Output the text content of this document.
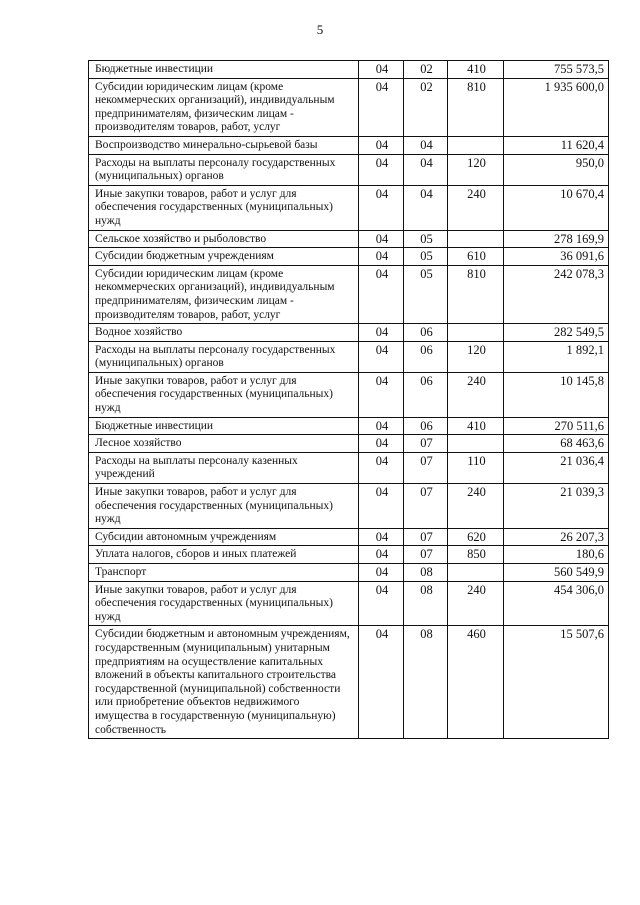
5
Бюджетные инвестиции	04	02	410	755 573,5
Субсидии юридическим лицам (кроме некоммерческих организаций), индивидуальным предпринимателям, физическим лицам - производителям товаров, работ, услуг	04	02	810	1 935 600,0
Воспроизводство минерально-сырьевой базы	04	04		11 620,4
Расходы на выплаты персоналу государственных (муниципальных) органов	04	04	120	950,0
Иные закупки товаров, работ и услуг для обеспечения государственных (муниципальных) нужд	04	04	240	10 670,4
Сельское хозяйство и рыболовство	04	05		278 169,9
Субсидии бюджетным учреждениям	04	05	610	36 091,6
Субсидии юридическим лицам (кроме некоммерческих организаций), индивидуальным предпринимателям, физическим лицам - производителям товаров, работ, услуг	04	05	810	242 078,3
Водное хозяйство	04	06		282 549,5
Расходы на выплаты персоналу государственных (муниципальных) органов	04	06	120	1 892,1
Иные закупки товаров, работ и услуг для обеспечения государственных (муниципальных) нужд	04	06	240	10 145,8
Бюджетные инвестиции	04	06	410	270 511,6
Лесное хозяйство	04	07		68 463,6
Расходы на выплаты персоналу казенных учреждений	04	07	110	21 036,4
Иные закупки товаров, работ и услуг для обеспечения государственных (муниципальных) нужд	04	07	240	21 039,3
Субсидии автономным учреждениям	04	07	620	26 207,3
Уплата налогов, сборов и иных платежей	04	07	850	180,6
Транспорт	04	08		560 549,9
Иные закупки товаров, работ и услуг для обеспечения государственных (муниципальных) нужд	04	08	240	454 306,0
Субсидии бюджетным и автономным учреждениям, государственным (муниципальным) унитарным предприятиям на осуществление капитальных вложений в объекты капитального строительства государственной (муниципальной) собственности или приобретение объектов недвижимого имущества в государственную (муниципальную) собственность	04	08	460	15 507,6
